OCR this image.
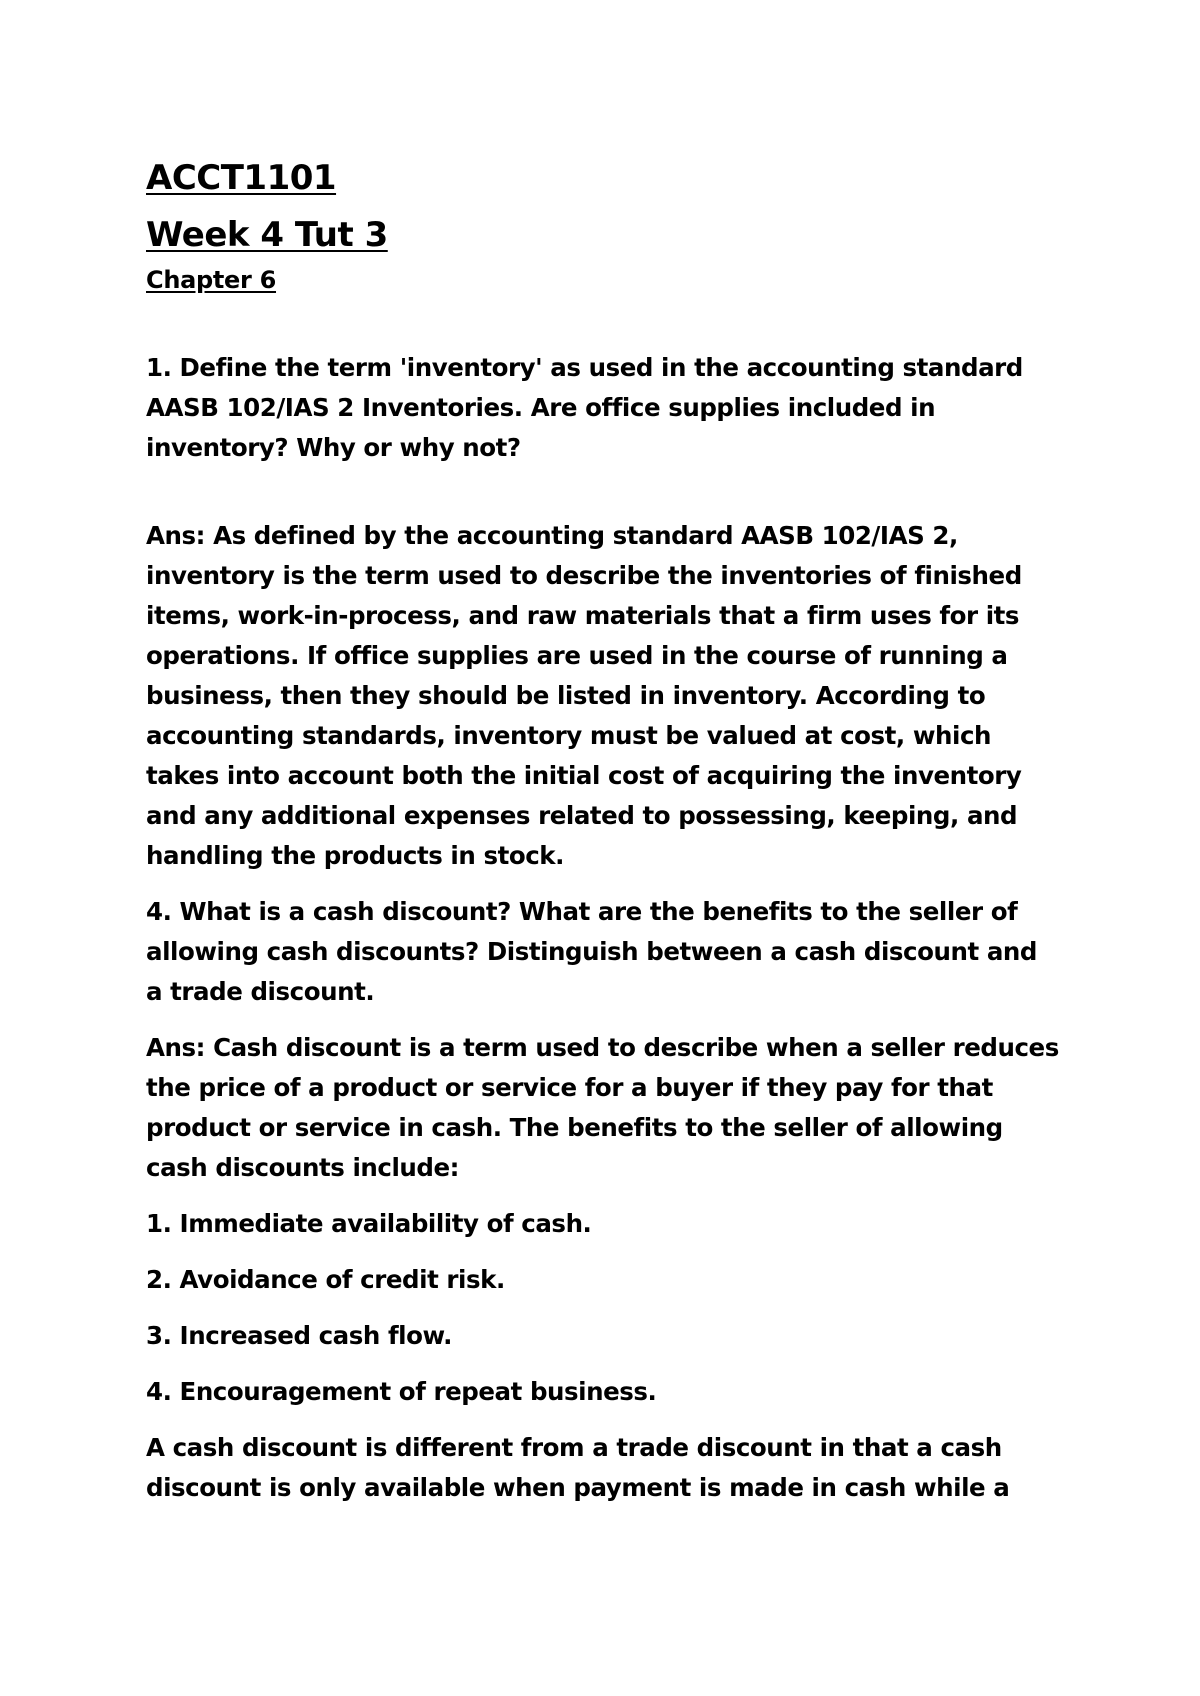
ACCT1101
Week 4 Tut 3
Chapter 6

1. Define the term 'inventory' as used in the accounting standard
AASB 102/IAS 2 Inventories. Are office supplies included in
inventory? Why or why not?

Ans: As defined by the accounting standard AASB 102/IAS 2,
inventory is the term used to describe the inventories of finished
items, work-in-process, and raw materials that a firm uses for its
operations. If office supplies are used in the course of running a
business, then they should be listed in inventory. According to
accounting standards, inventory must be valued at cost, which
takes into account both the initial cost of acquiring the inventory
and any additional expenses related to possessing, keeping, and
handling the products in stock.

4. What is a cash discount? What are the benefits to the seller of
allowing cash discounts? Distinguish between a cash discount and
a trade discount.

Ans: Cash discount is a term used to describe when a seller reduces
the price of a product or service for a buyer if they pay for that
product or service in cash. The benefits to the seller of allowing
cash discounts include:

1. Immediate availability of cash.

2. Avoidance of credit risk.

3. Increased cash flow.

4. Encouragement of repeat business.

A cash discount is different from a trade discount in that a cash
discount is only available when payment is made in cash while a
